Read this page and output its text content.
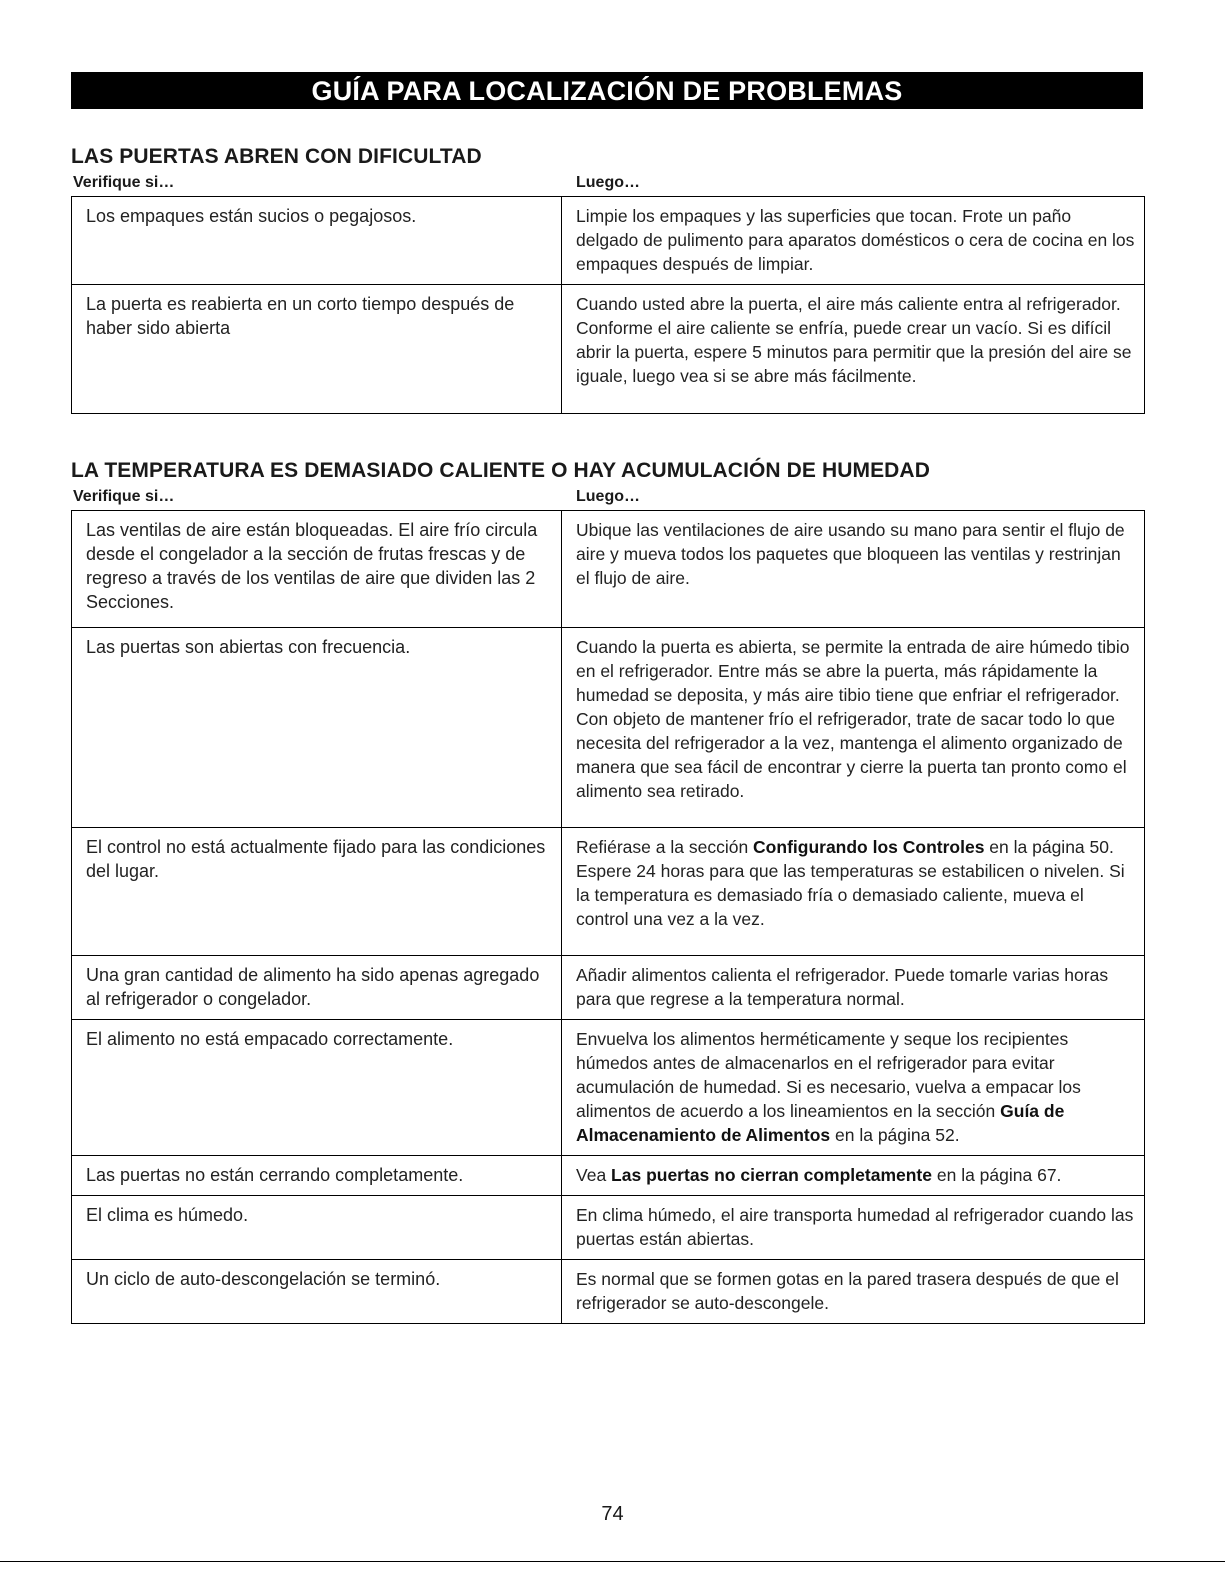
GUÍA PARA LOCALIZACIÓN DE PROBLEMAS
LAS PUERTAS ABREN CON DIFICULTAD
Verifique si…	Luego…
Los empaques están sucios o pegajosos.	Limpie los empaques y las superficies que tocan. Frote un paño delgado de pulimento para aparatos domésticos o cera de cocina en los empaques después de limpiar.
La puerta es reabierta en un corto tiempo después de haber sido abierta	Cuando usted abre la puerta, el aire más caliente entra al refrigerador. Conforme el aire caliente se enfría, puede crear un vacío. Si es difícil abrir la puerta, espere 5 minutos para permitir que la presión del aire se iguale, luego vea si se abre más fácilmente.
LA TEMPERATURA ES DEMASIADO CALIENTE O HAY ACUMULACIÓN DE HUMEDAD
Verifique si…	Luego…
Las ventilas de aire están bloqueadas. El aire frío circula desde el congelador a la sección de frutas frescas y de regreso a través de los ventilas de aire que dividen las 2 Secciones.	Ubique las ventilaciones de aire usando su mano para sentir el flujo de aire y mueva todos los paquetes que bloqueen las ventilas y restrinjan el flujo de aire.
Las puertas son abiertas con frecuencia.	Cuando la puerta es abierta, se permite la entrada de aire húmedo tibio en el refrigerador. Entre más se abre la puerta, más rápidamente la humedad se deposita, y más aire tibio tiene que enfriar el refrigerador. Con objeto de mantener frío el refrigerador, trate de sacar todo lo que necesita del refrigerador a la vez, mantenga el alimento organizado de manera que sea fácil de encontrar y cierre la puerta tan pronto como el alimento sea retirado.
El control no está actualmente fijado para las condiciones del lugar.	Refiérase a la sección Configurando los Controles en la página 50.
Espere 24 horas para que las temperaturas se estabilicen o nivelen. Si la temperatura es demasiado fría o demasiado caliente, mueva el control una vez a la vez.
Una gran cantidad de alimento ha sido apenas agregado al refrigerador o congelador.	Añadir alimentos calienta el refrigerador. Puede tomarle varias horas para que regrese a la temperatura normal.
El alimento no está empacado correctamente.	Envuelva los alimentos herméticamente y seque los recipientes húmedos antes de almacenarlos en el refrigerador para evitar acumulación de humedad. Si es necesario, vuelva a empacar los alimentos de acuerdo a los lineamientos en la sección Guía de Almacenamiento de Alimentos en la página 52.
Las puertas no están cerrando completamente.	Vea Las puertas no cierran completamente en la página 67.
El clima es húmedo.	En clima húmedo, el aire transporta humedad al refrigerador cuando las puertas están abiertas.
Un ciclo de auto-descongelación se terminó.	Es normal que se formen gotas en la pared trasera después de que el refrigerador se auto-descongele.
74
